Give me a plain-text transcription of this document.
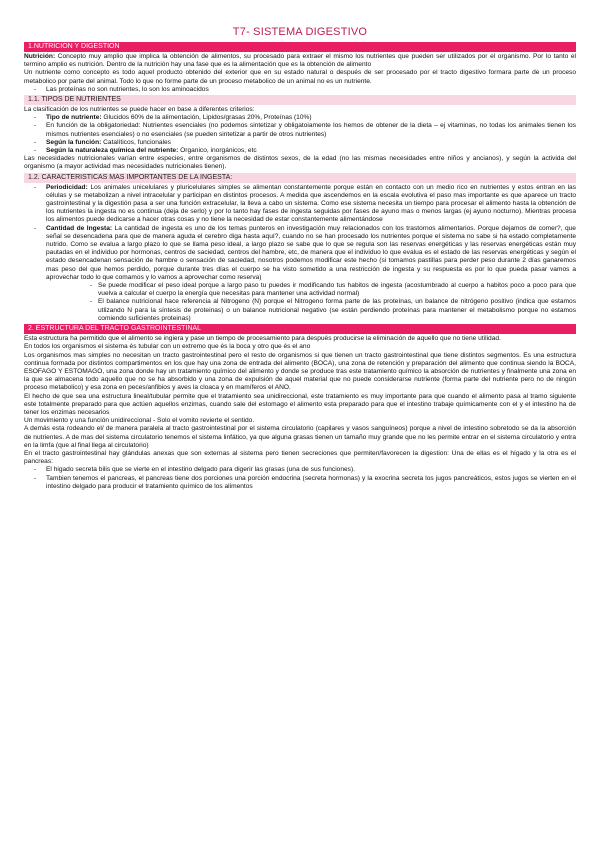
T7- SISTEMA DIGESTIVO
1.NUTRICIÓN Y DIGESTION

Nutrición: Concepto muy amplio que implica la obtención de alimentos, su procesado para extraer el mismo los nutrientes que pueden ser utilizados por el organismo. Por lo tanto el termino amplio es nutrición. Dentro de la nutrición hay una fase que es la alimentación que es la obtención de alimento

Un nutriente como concepto es todo aquel producto obtenido del exterior que en su estado natural o después de ser procesado por el tracto digestivo formara parte de un proceso metabolico por parte del animal. Todo lo que no forme parte de un proceso metabolico de un animal no es un nutriente.

-	Las proteínas no son nutrientes, lo son los aminoacidos
1.1. TIPOS DE NUTRIENTES

La clasificación de los nutrientes se puede hacer en base a diferentes criterios:

-	Tipo de nutriente: Glucidos 60% de la alimentación, Lipidos/grasas 20%, Proteínas (10%)
-	En función de la obligatoriedad: Nutrientes esenciales (no podemos sintetizar y obligatoiamente los hemos de obtener de la dieta – ej vitaminas, no todas los animales tienen los mismos nutrientes esenciales) o no esenciales (se pueden sintetizar a partir de otros nutrientes)
-	Según la función: Catalíticos, funcionales
-	Según la naturaleza química del nutriente: Organico, inorgánicos, etc

Las necesidades nutricionales varían entre especies, entre organismos de distintos sexos, de la edad (no las mismas necesidades entre niños y ancianos), y según la activida del organismo (a mayor actividad mas necesidades nutricionales tienen).

1.2. CARACTERISTICAS MAS IMPORTANTES DE LA INGESTA:
-	Periodicidad: Los animales unicelulares y pluricelulares simples se alimentan constantemente porque están en contacto con un medio rico en nutrientes y estos entran en las células y se metabolizan a nivel intracelular y participan en distintos procesos. A medida que ascendemos en la escala evolutiva el paso mas importante es que aparece un tracto gastrointestinal y la digestión pasa a ser una función extracelular, la lleva a cabo un sistema. Como ese sistema necesita un tiempo para procesar el alimento hasta la obtención de los nutrientes la ingesta no es continua (deja de serlo) y por lo tanto hay fases de ingesta seguidas por fases de ayuno mas o menos largas (ej ayuno nocturno). Mientras procesa los alimentos puede dedicarse a hacer otras cosas y no tiene la necesidad de estar constantemente alimentándose
-	Cantidad de Ingesta: La cantidad de ingesta es uno de los temas punteros en investigación muy relacionados con los trastornos alimentarios. Porque dejamos de comer?, que señal se desencadena para que de manera aguda el cerebro diga hasta aquí?, cuando no se han procesado los nutrientes porque el sistema no sabe si ha estado completamente nutrido. Como se evalua a largo plazo lo que se llama peso ideal, a largo plazo se sabe que lo que se regula son las reservas energéticas y las reservas energéticas están muy pautadas en el individuo por hormonas, centros de saciedad, centros del hambre, etc, de manera que el individuo lo que evalua es el estado de las reservas energéticas y según el estado desencadenan sensación de hambre o sensación de saciedad, nosotros podemos modificar este hecho (si tomamos pastillas para perder peso durante 2 días ganaremos mas peso del que hemos perdido, porque durante tres días el cuerpo se ha visto sometido a una restricción de ingesta y su respuesta es por lo que pueda pasar vamos a aprovechar todo lo que comamos y lo vamos a aprovechar como reserva)
- Se puede modificar el peso ideal porque a largo paso tu puedes ir modificando tus habitos de ingesta (acostumbrado al cuerpo a habitos poco a poco para que vuelva a calcular el cuerpo la energía que necesitas para mantener una actividad normal)
- El balance nutricional hace referencia al Nitrogeno (N) porque el Nitrogeno forma parte de las proteínas, un balance de nitrógeno positivo (indica que estamos utlizando N para la síntesis de proteinas) o un balance nutricional negativo (se están perdiendo proteínas para mantener el metabolismo porque no estamos comiendo suficientes proteinas)
2. ESTRUCTURA DEL TRACTO GASTROINTESTINAL

Esta estructura ha permitido que el alimento se ingiera y pase un tiempo de procesamiento para después producirse la eliminación de aquello que no tiene utilidad.

En todos los organismos el sistema és tubular con un extremo que és la boca y otro que és el ano

Los organismos mas simples no necesitan un tracto gastrointestinal pero el resto de organismos si que tienen un tracto gastrointestinal que tiene distintos segmentos. Es una estructura continua formada por distintos compartimentos en los que hay una zona de entrada del alimento (BOCA), una zona de retención y preparación del alimento que continua siendo la BOCA, ESOFAGO Y ESTOMAGO, una zona donde hay un tratamiento químico del alimento y donde se produce tras este tratamiento químico la absorción de nutrientes y finalmente una zona en la que se almacena todo aquello que no se ha absorbido y una zona de expulsión de aquel material que no puede considerarse nutriente (forma parte del nutriente pero no de ningún proceso metabolico) y esa zona en peces/anfibios y aves la cloaca y en mamíferos el ANO.

El hecho de que sea una estructura lineal/tubular permite que el tratamiento sea unidireccional, este tratamiento es muy importante para que cuando el alimento pasa al tramo siguiente este totalmente preparado para que actúen aquellos enzimas, cuando sale del estomago el alimento esta preparado para que el intestino trabaje químicamente con el y el intestino ha de tener los enzimas necesarios

Un movimiento y una función unidireccional - Solo el vomito revierte el sentido.

A demás esta rodeando el/ de manera paralela al tracto gastrointestinal por el sistema circulatorio (capilares y vasos sanguíneos) porque a nivel de intestino sobretodo se da la absorción de nutrientes. A de mas del sistema circulatorio tenemos el sistema linfático, ya que alguna grasas tienen un tamaño muy grande que no les permite entrar en el sistema circulatorio y entra en la limfa (que al final llega al circulatorio)

En el tracto gastrointestinal hay glándulas anexas que son externas al sistema pero tienen secreciones que permiten/favorecen la digestion: Una de ellas es el hígado y la otra es el pancreas:

-	El higado secreta bilis que se vierte en el intestino delgado para digerir las grasas (una de sus funciones).
-	Tambien tenemos el pancreas, el pancreas tiene dos porciones una porción endocrina (secreta hormonas) y la exocrina secreta los jugos pancreáticos, estos jugos se vierten en el intestino delgado para producir el tratamiento químico de los alimentos
